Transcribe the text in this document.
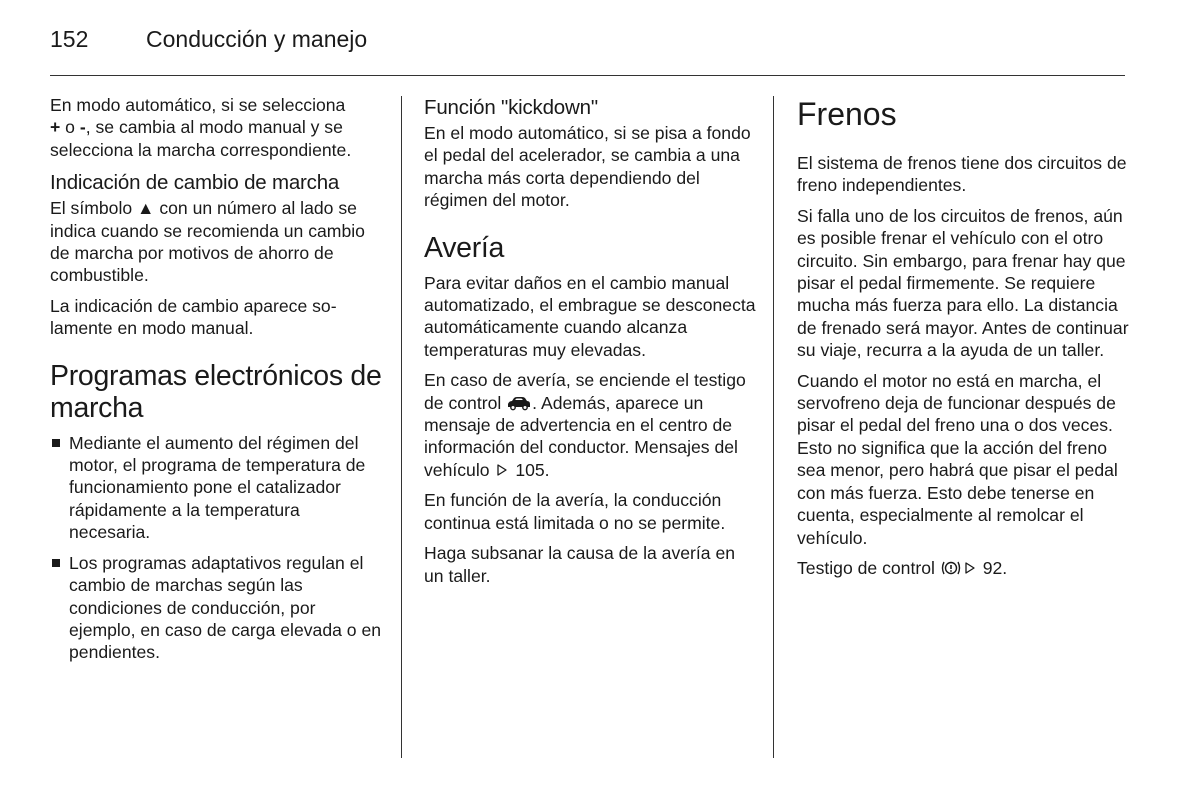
152	Conducción y manejo

En modo automático, si se selecciona
+ o -, se cambia al modo manual y se selecciona la marcha correspondiente.

Indicación de cambio de marcha

El símbolo ▲ con un número al lado se indica cuando se recomienda un cambio de marcha por motivos de ahorro de combustible.

La indicación de cambio aparece solamente en modo manual.

Programas electrónicos de marcha
Mediante el aumento del régimen del motor, el programa de temperatura de funcionamiento pone el catalizador rápidamente a la temperatura necesaria.
Los programas adaptativos regulan el cambio de marchas según las condiciones de conducción, por ejemplo, en caso de carga elevada o en pendientes.
Función "kickdown"

En el modo automático, si se pisa a fondo el pedal del acelerador, se cambia a una marcha más corta dependiendo del régimen del motor.

Avería

Para evitar daños en el cambio manual automatizado, el embrague se desconecta automáticamente cuando alcanza temperaturas muy elevadas.

En caso de avería, se enciende el testigo de control . Además, aparece un mensaje de advertencia en el centro de información del conductor. Mensajes del vehículo  105.

En función de la avería, la conducción continua está limitada o no se permite.

Haga subsanar la causa de la avería en un taller.

Frenos

El sistema de frenos tiene dos circuitos de freno independientes.

Si falla uno de los circuitos de frenos, aún es posible frenar el vehículo con el otro circuito. Sin embargo, para frenar hay que pisar el pedal firmemente. Se requiere mucha más fuerza para ello. La distancia de frenado será mayor. Antes de continuar su viaje, recurra a la ayuda de un taller.

Cuando el motor no está en marcha, el servofreno deja de funcionar después de pisar el pedal del freno una o dos veces. Esto no significa que la acción del freno sea menor, pero habrá que pisar el pedal con más fuerza. Esto debe tenerse en cuenta, especialmente al remolcar el vehículo.

Testigo de control  92.
